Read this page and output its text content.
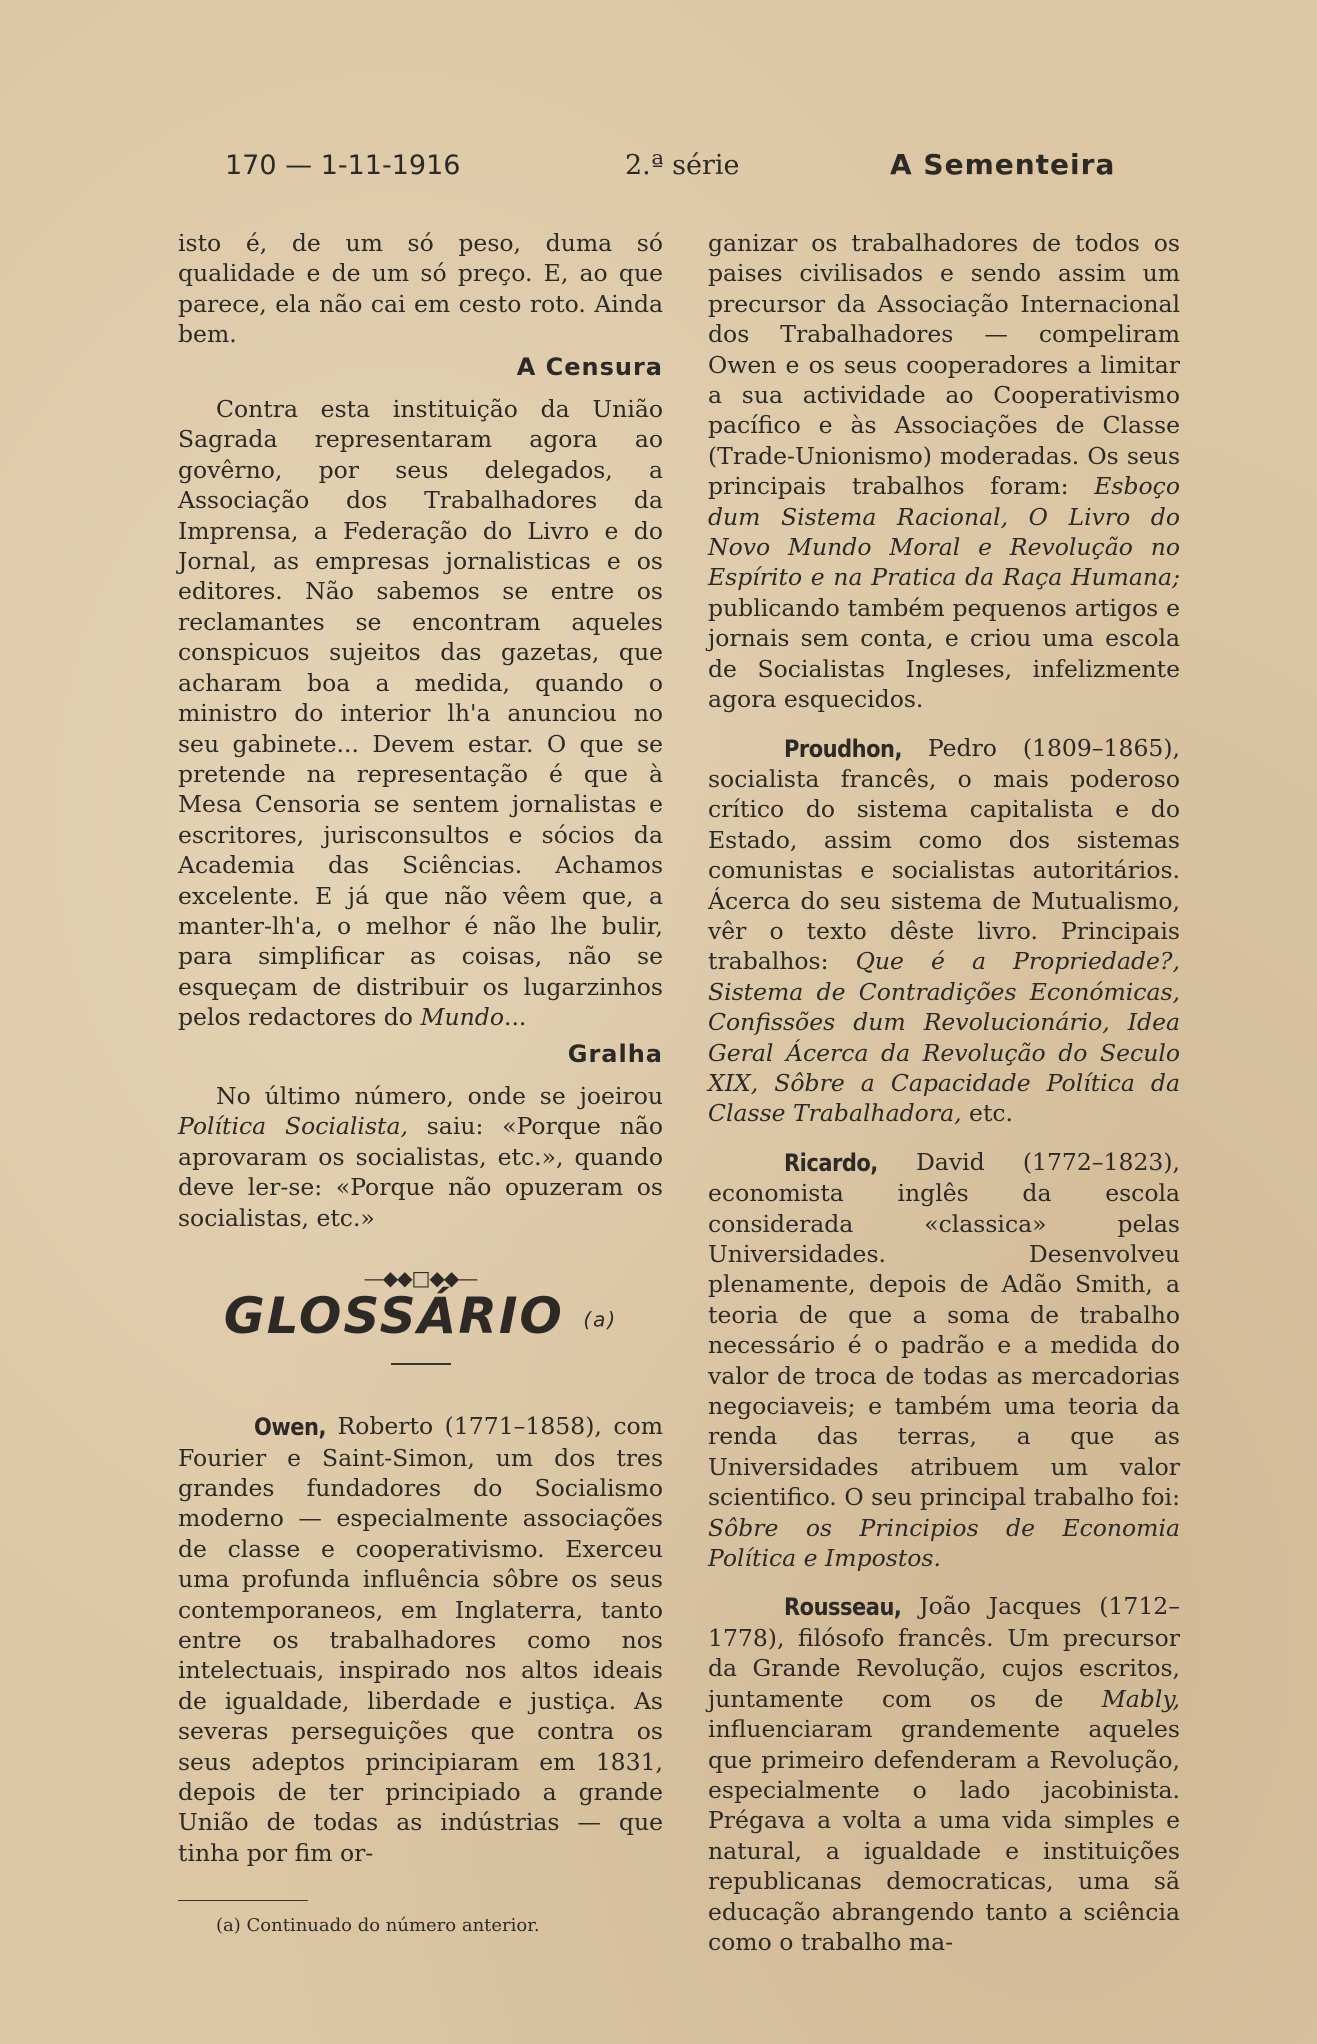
170 — 1-11-1916	2.ª série	A Sementeira

isto é, de um só peso, duma só qualidade e de um só preço. E, ao que parece, ela não cai em cesto roto. Ainda bem.

A Censura

Contra esta instituição da União Sagrada representaram agora ao govêrno, por seus delegados, a Associação dos Trabalhadores da Imprensa, a Federação do Livro e do Jornal, as empresas jornalisticas e os editores. Não sabemos se entre os reclamantes se encontram aqueles conspicuos sujeitos das gazetas, que acharam boa a medida, quando o ministro do interior lh'a anunciou no seu gabinete... Devem estar. O que se pretende na representação é que à Mesa Censoria se sentem jornalistas e escritores, jurisconsultos e sócios da Academia das Sciências. Achamos excelente. E já que não vêem que, a manter-lh'a, o melhor é não lhe bulir, para simplificar as coisas, não se esqueçam de distribuir os lugarzinhos pelos redactores do Mundo...

Gralha

No último número, onde se joeirou Política Socialista, saiu: «Porque não aprovaram os socialistas, etc.», quando deve ler-se: «Porque não opuzeram os socialistas, etc.»

—◆◆□◆◆—
GLOSSÁRIO (a)

Owen, Roberto (1771–1858), com Fourier e Saint-Simon, um dos tres grandes fundadores do Socialismo moderno — especialmente associações de classe e cooperativismo. Exerceu uma profunda influência sôbre os seus contemporaneos, em Inglaterra, tanto entre os trabalhadores como nos intelectuais, inspirado nos altos ideais de igualdade, liberdade e justiça. As severas perseguições que contra os seus adeptos principiaram em 1831, depois de ter principiado a grande União de todas as indústrias — que tinha por fim or-

(a) Continuado do número anterior.

ganizar os trabalhadores de todos os paises civilisados e sendo assim um precursor da Associação Internacional dos Trabalhadores — compeliram Owen e os seus cooperadores a limitar a sua actividade ao Cooperativismo pacífico e às Associações de Classe (Trade-Unionismo) moderadas. Os seus principais trabalhos foram: Esboço dum Sistema Racional, O Livro do Novo Mundo Moral e Revolução no Espírito e na Pratica da Raça Humana; publicando também pequenos artigos e jornais sem conta, e criou uma escola de Socialistas Ingleses, infelizmente agora esquecidos.

Proudhon, Pedro (1809–1865), socialista francês, o mais poderoso crítico do sistema capitalista e do Estado, assim como dos sistemas comunistas e socialistas autoritários. Ácerca do seu sistema de Mutualismo, vêr o texto dêste livro. Principais trabalhos: Que é a Propriedade?, Sistema de Contradições Económicas, Confissões dum Revolucionário, Idea Geral Ácerca da Revolução do Seculo XIX, Sôbre a Capacidade Política da Classe Trabalhadora, etc.

Ricardo, David (1772–1823), economista inglês da escola considerada «classica» pelas Universidades. Desenvolveu plenamente, depois de Adão Smith, a teoria de que a soma de trabalho necessário é o padrão e a medida do valor de troca de todas as mercadorias negociaveis; e também uma teoria da renda das terras, a que as Universidades atribuem um valor scientifico. O seu principal trabalho foi: Sôbre os Principios de Economia Política e Impostos.

Rousseau, João Jacques (1712–1778), filósofo francês. Um precursor da Grande Revolução, cujos escritos, juntamente com os de Mably, influenciaram grandemente aqueles que primeiro defenderam a Revolução, especialmente o lado jacobinista. Prégava a volta a uma vida simples e natural, a igualdade e instituições republicanas democraticas, uma sã educação abrangendo tanto a sciência como o trabalho ma-
